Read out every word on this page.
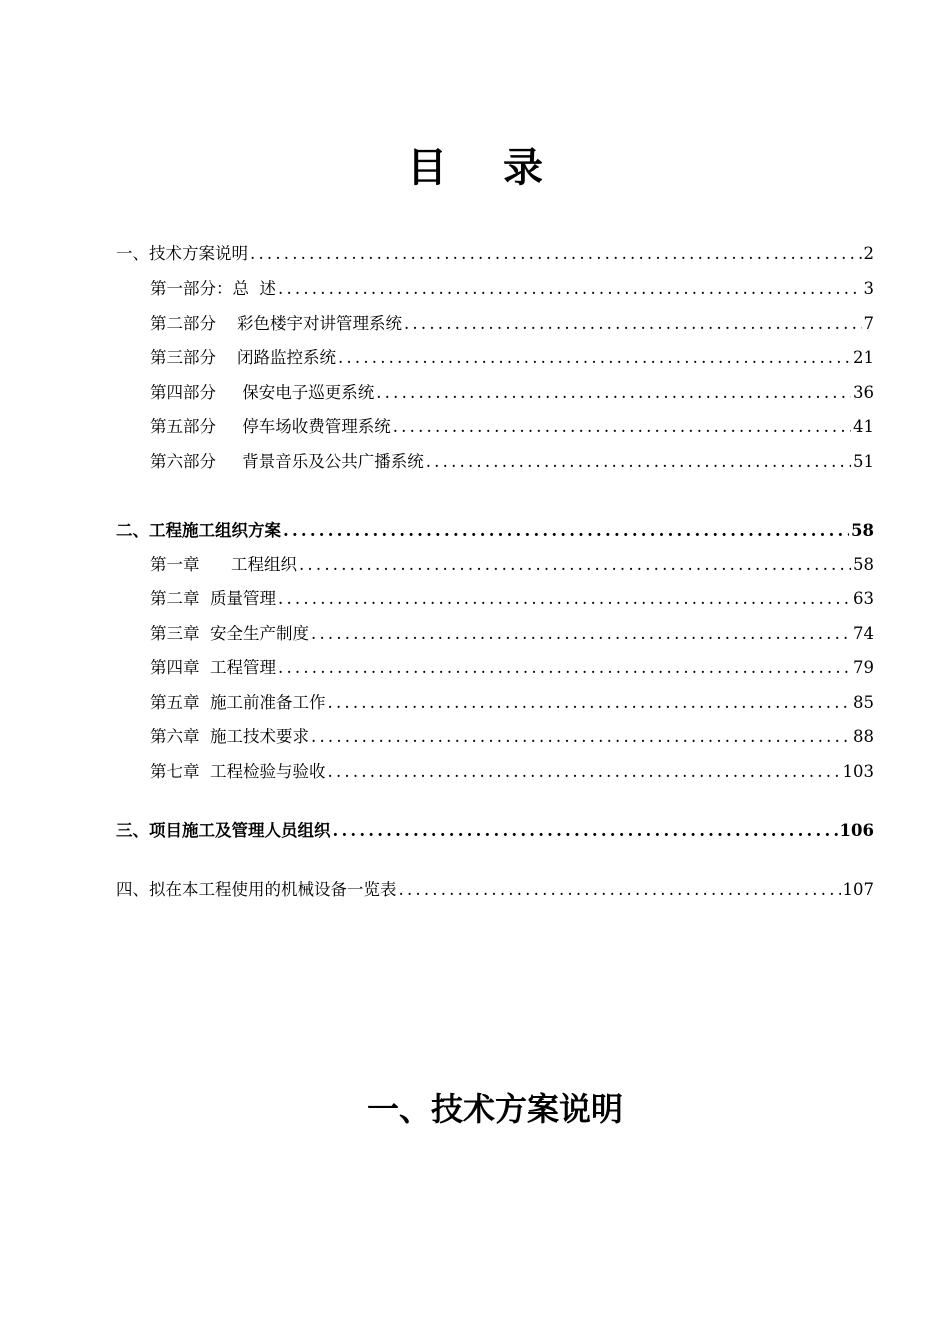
目 录
一、技术方案说明 .....	2
第一部分：总  述 .....	3
第二部分    彩色楼宇对讲管理系统 .....	7
第三部分    闭路监控系统 .....	21
第四部分     保安电子巡更系统 .....	36
第五部分     停车场收费管理系统 .....	41
第六部分     背景音乐及公共广播系统 .....	51
二、工程施工组织方案 .....	58
第一章      工程组织 .....	58
第二章  质量管理 .....	63
第三章  安全生产制度 .....	74
第四章  工程管理 .....	79
第五章  施工前准备工作 .....	85
第六章  施工技术要求 .....	88
第七章  工程检验与验收 .....	103
三、项目施工及管理人员组织 .....	106
四、拟在本工程使用的机械设备一览表 .....	107
一、技术方案说明
